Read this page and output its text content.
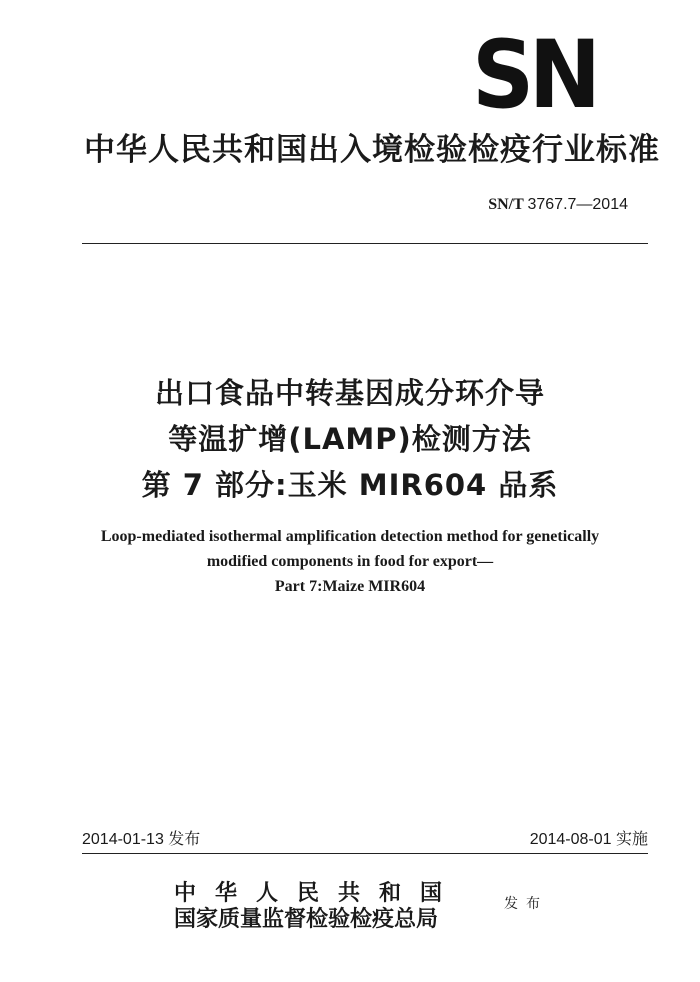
SN
中华人民共和国出入境检验检疫行业标准
SN/T 3767.7—2014
出口食品中转基因成分环介导
等温扩增(LAMP)检测方法
第 7 部分:玉米 MIR604 品系
Loop-mediated isothermal amplification detection method for genetically
modified components in food for export—
Part 7:Maize MIR604
2014-01-13 发布	2014-08-01 实施
中华人民共和国
国家质量监督检验检疫总局
发布
